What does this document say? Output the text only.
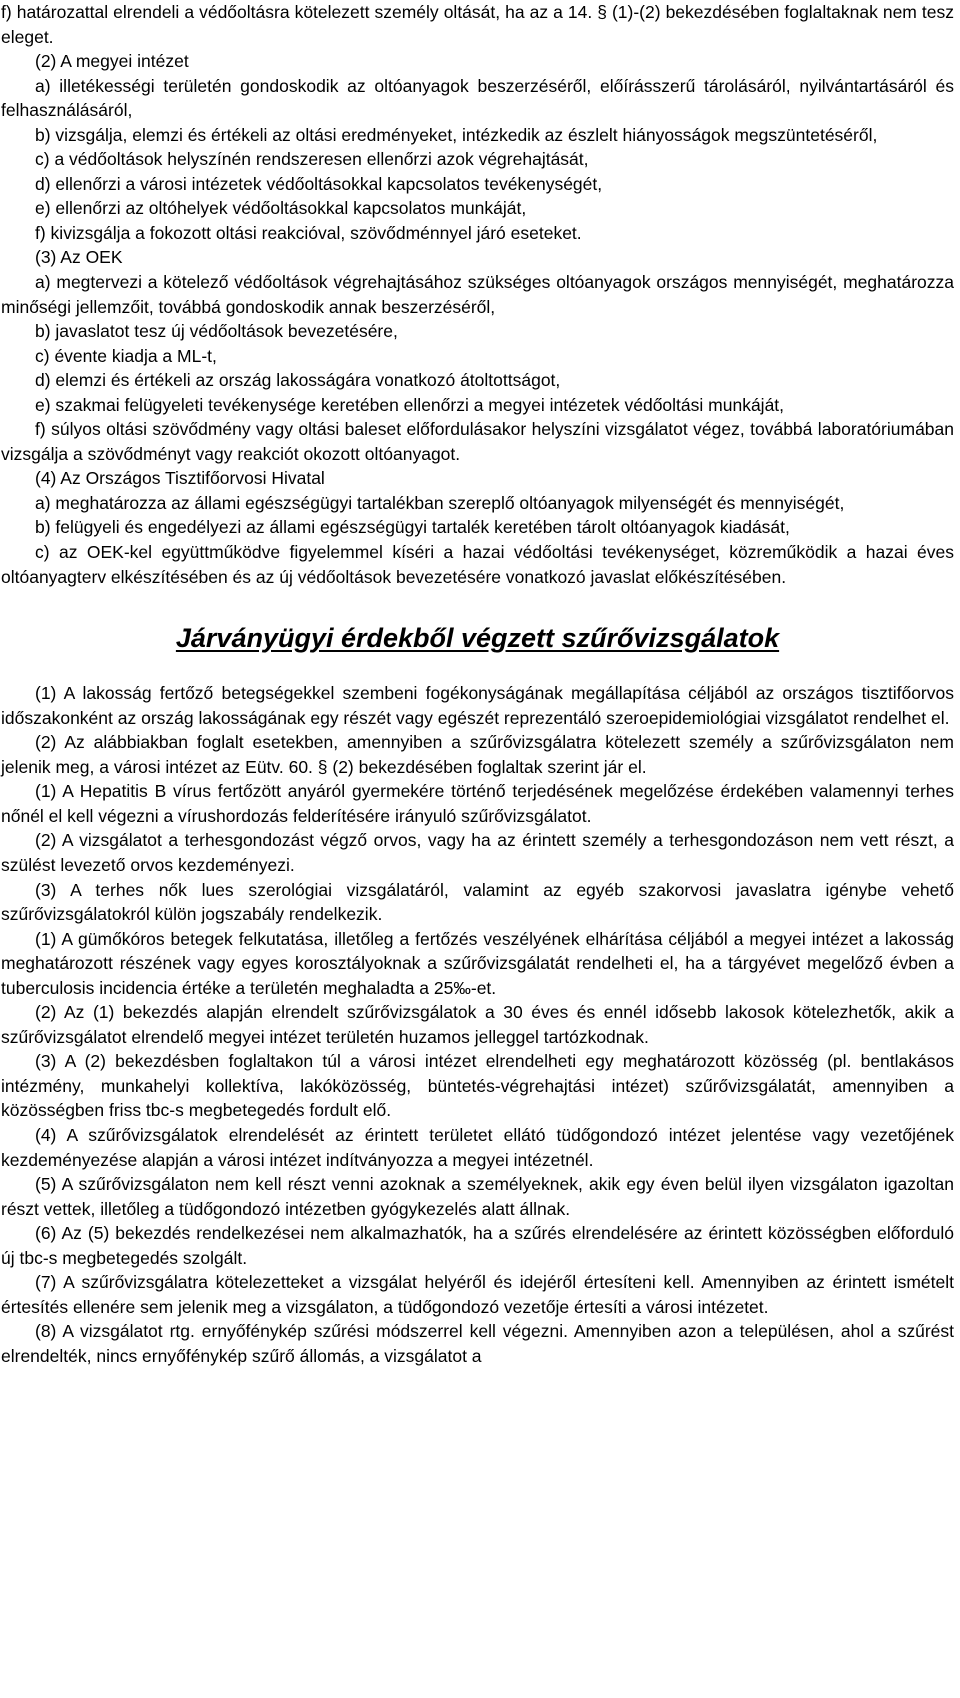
f) határozattal elrendeli a védőoltásra kötelezett személy oltását, ha az a 14. § (1)-(2) bekezdésében foglaltaknak nem tesz eleget.

(2) A megyei intézet

a) illetékességi területén gondoskodik az oltóanyagok beszerzéséről, előírásszerű tárolásáról, nyilvántartásáról és felhasználásáról,

b) vizsgálja, elemzi és értékeli az oltási eredményeket, intézkedik az észlelt hiányosságok megszüntetéséről,

c) a védőoltások helyszínén rendszeresen ellenőrzi azok végrehajtását,

d) ellenőrzi a városi intézetek védőoltásokkal kapcsolatos tevékenységét,

e) ellenőrzi az oltóhelyek védőoltásokkal kapcsolatos munkáját,

f) kivizsgálja a fokozott oltási reakcióval, szövődménnyel járó eseteket.

(3) Az OEK

a) megtervezi a kötelező védőoltások végrehajtásához szükséges oltóanyagok országos mennyiségét, meghatározza minőségi jellemzőit, továbbá gondoskodik annak beszerzéséről,

b) javaslatot tesz új védőoltások bevezetésére,

c) évente kiadja a ML-t,

d) elemzi és értékeli az ország lakosságára vonatkozó átoltottságot,

e) szakmai felügyeleti tevékenysége keretében ellenőrzi a megyei intézetek védőoltási munkáját,

f) súlyos oltási szövődmény vagy oltási baleset előfordulásakor helyszíni vizsgálatot végez, továbbá laboratóriumában vizsgálja a szövődményt vagy reakciót okozott oltóanyagot.

(4) Az Országos Tisztifőorvosi Hivatal

a) meghatározza az állami egészségügyi tartalékban szereplő oltóanyagok milyenségét és mennyiségét,

b) felügyeli és engedélyezi az állami egészségügyi tartalék keretében tárolt oltóanyagok kiadását,

c) az OEK-kel együttműködve figyelemmel kíséri a hazai védőoltási tevékenységet, közreműködik a hazai éves oltóanyagterv elkészítésében és az új védőoltások bevezetésére vonatkozó javaslat előkészítésében.

Járványügyi érdekből végzett szűrővizsgálatok

(1) A lakosság fertőző betegségekkel szembeni fogékonyságának megállapítása céljából az országos tisztifőorvos időszakonként az ország lakosságának egy részét vagy egészét reprezentáló szeroepidemiológiai vizsgálatot rendelhet el.

(2) Az alábbiakban foglalt esetekben, amennyiben a szűrővizsgálatra kötelezett személy a szűrővizsgálaton nem jelenik meg, a városi intézet az Eütv. 60. § (2) bekezdésében foglaltak szerint jár el.

(1) A Hepatitis B vírus fertőzött anyáról gyermekére történő terjedésének megelőzése érdekében valamennyi terhes nőnél el kell végezni a vírushordozás felderítésére irányuló szűrővizsgálatot.

(2) A vizsgálatot a terhesgondozást végző orvos, vagy ha az érintett személy a terhesgondozáson nem vett részt, a szülést levezető orvos kezdeményezi.

(3) A terhes nők lues szerológiai vizsgálatáról, valamint az egyéb szakorvosi javaslatra igénybe vehető szűrővizsgálatokról külön jogszabály rendelkezik.

(1) A gümőkóros betegek felkutatása, illetőleg a fertőzés veszélyének elhárítása céljából a megyei intézet a lakosság meghatározott részének vagy egyes korosztályoknak a szűrővizsgálatát rendelheti el, ha a tárgyévet megelőző évben a tuberculosis incidencia értéke a területén meghaladta a 25‰-et.

(2) Az (1) bekezdés alapján elrendelt szűrővizsgálatok a 30 éves és ennél idősebb lakosok kötelezhetők, akik a szűrővizsgálatot elrendelő megyei intézet területén huzamos jelleggel tartózkodnak.

(3) A (2) bekezdésben foglaltakon túl a városi intézet elrendelheti egy meghatározott közösség (pl. bentlakásos intézmény, munkahelyi kollektíva, lakóközösség, büntetés-végrehajtási intézet) szűrővizsgálatát, amennyiben a közösségben friss tbc-s megbetegedés fordult elő.

(4) A szűrővizsgálatok elrendelését az érintett területet ellátó tüdőgondozó intézet jelentése vagy vezetőjének kezdeményezése alapján a városi intézet indítványozza a megyei intézetnél.

(5) A szűrővizsgálaton nem kell részt venni azoknak a személyeknek, akik egy éven belül ilyen vizsgálaton igazoltan részt vettek, illetőleg a tüdőgondozó intézetben gyógykezelés alatt állnak.

(6) Az (5) bekezdés rendelkezései nem alkalmazhatók, ha a szűrés elrendelésére az érintett közösségben előforduló új tbc-s megbetegedés szolgált.

(7) A szűrővizsgálatra kötelezetteket a vizsgálat helyéről és idejéről értesíteni kell. Amennyiben az érintett ismételt értesítés ellenére sem jelenik meg a vizsgálaton, a tüdőgondozó vezetője értesíti a városi intézetet.

(8) A vizsgálatot rtg. ernyőfénykép szűrési módszerrel kell végezni. Amennyiben azon a településen, ahol a szűrést elrendelték, nincs ernyőfénykép szűrő állomás, a vizsgálatot a
